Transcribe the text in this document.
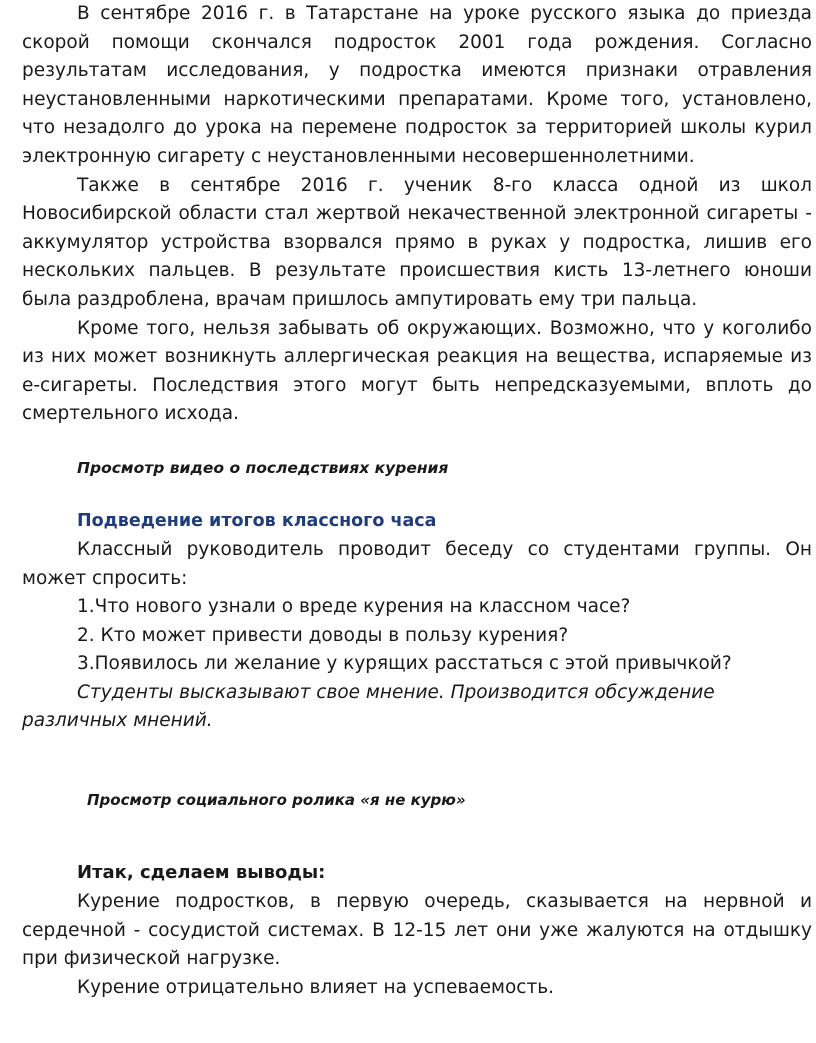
В сентябре 2016 г. в Татарстане на уроке русского языка до приезда скорой помощи скончался подросток 2001 года рождения. Согласно результатам исследования, у подростка имеются признаки отравления неустановленными наркотическими препаратами. Кроме того, установлено, что незадолго до урока на перемене подросток за территорией школы курил электронную сигарету с неустановленными несовершеннолетними.

Также в сентябре 2016 г. ученик 8-го класса одной из школ Новосибирской области стал жертвой некачественной электронной сигареты - аккумулятор устройства взорвался прямо в руках у подростка, лишив его нескольких пальцев. В результате происшествия кисть 13-летнего юноши была раздроблена, врачам пришлось ампутировать ему три пальца.

Кроме того, нельзя забывать об окружающих. Возможно, что у коголибо из них может возникнуть аллергическая реакция на вещества, испаряемые из е-сигареты. Последствия этого могут быть непредсказуемыми, вплоть до смертельного исхода.

Просмотр видео о последствиях курения

Подведение итогов классного часа

Классный руководитель проводит беседу со студентами группы. Он может спросить:

1.Что нового узнали о вреде курения на классном часе?

2. Кто может привести доводы в пользу курения?

3.Появилось ли желание у курящих расстаться с этой привычкой?

Студенты высказывают свое мнение. Производится обсуждение различных мнений.

Просмотр социального ролика «я не курю»

Итак, сделаем выводы:

Курение подростков, в первую очередь, сказывается на нервной и сердечной - сосудистой системах. В 12-15 лет они уже жалуются на отдышку при физической нагрузке.

Курение отрицательно влияет на успеваемость.
